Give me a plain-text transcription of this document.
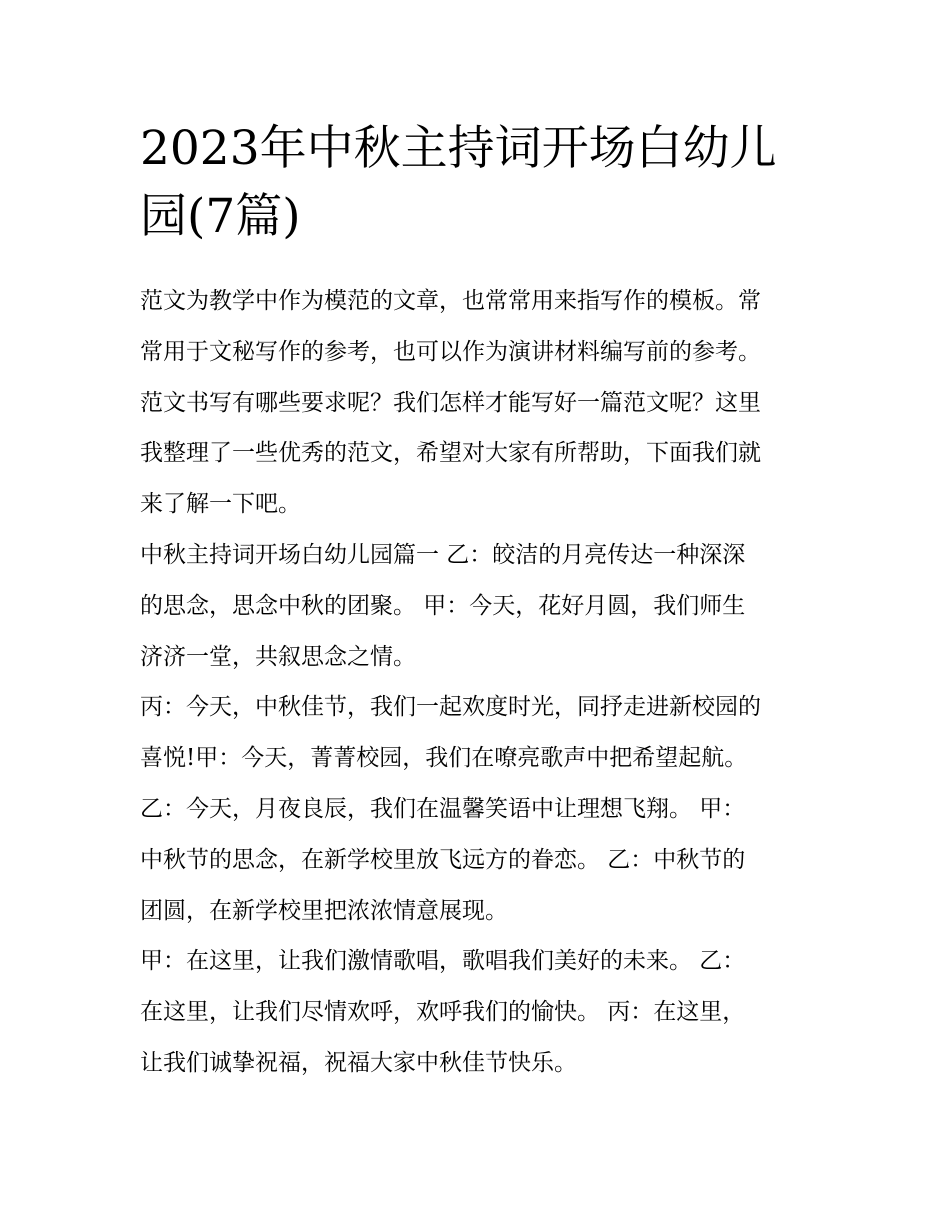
2023年中秋主持词开场白幼儿
园(7篇)
范文为教学中作为模范的文章，也常常用来指写作的模板。常
常用于文秘写作的参考，也可以作为演讲材料编写前的参考。
范文书写有哪些要求呢？我们怎样才能写好一篇范文呢？这里
我整理了一些优秀的范文，希望对大家有所帮助，下面我们就
来了解一下吧。
中秋主持词开场白幼儿园篇一 乙：皎洁的月亮传达一种深深
的思念，思念中秋的团聚。 甲：今天，花好月圆，我们师生
济济一堂，共叙思念之情。
丙：今天，中秋佳节，我们一起欢度时光，同抒走进新校园的
喜悦!甲：今天，菁菁校园，我们在嘹亮歌声中把希望起航。
乙：今天，月夜良辰，我们在温馨笑语中让理想飞翔。 甲：
中秋节的思念，在新学校里放飞远方的眷恋。 乙：中秋节的
团圆，在新学校里把浓浓情意展现。
甲：在这里，让我们激情歌唱，歌唱我们美好的未来。 乙：
在这里，让我们尽情欢呼，欢呼我们的愉快。 丙：在这里，
让我们诚挚祝福，祝福大家中秋佳节快乐。
